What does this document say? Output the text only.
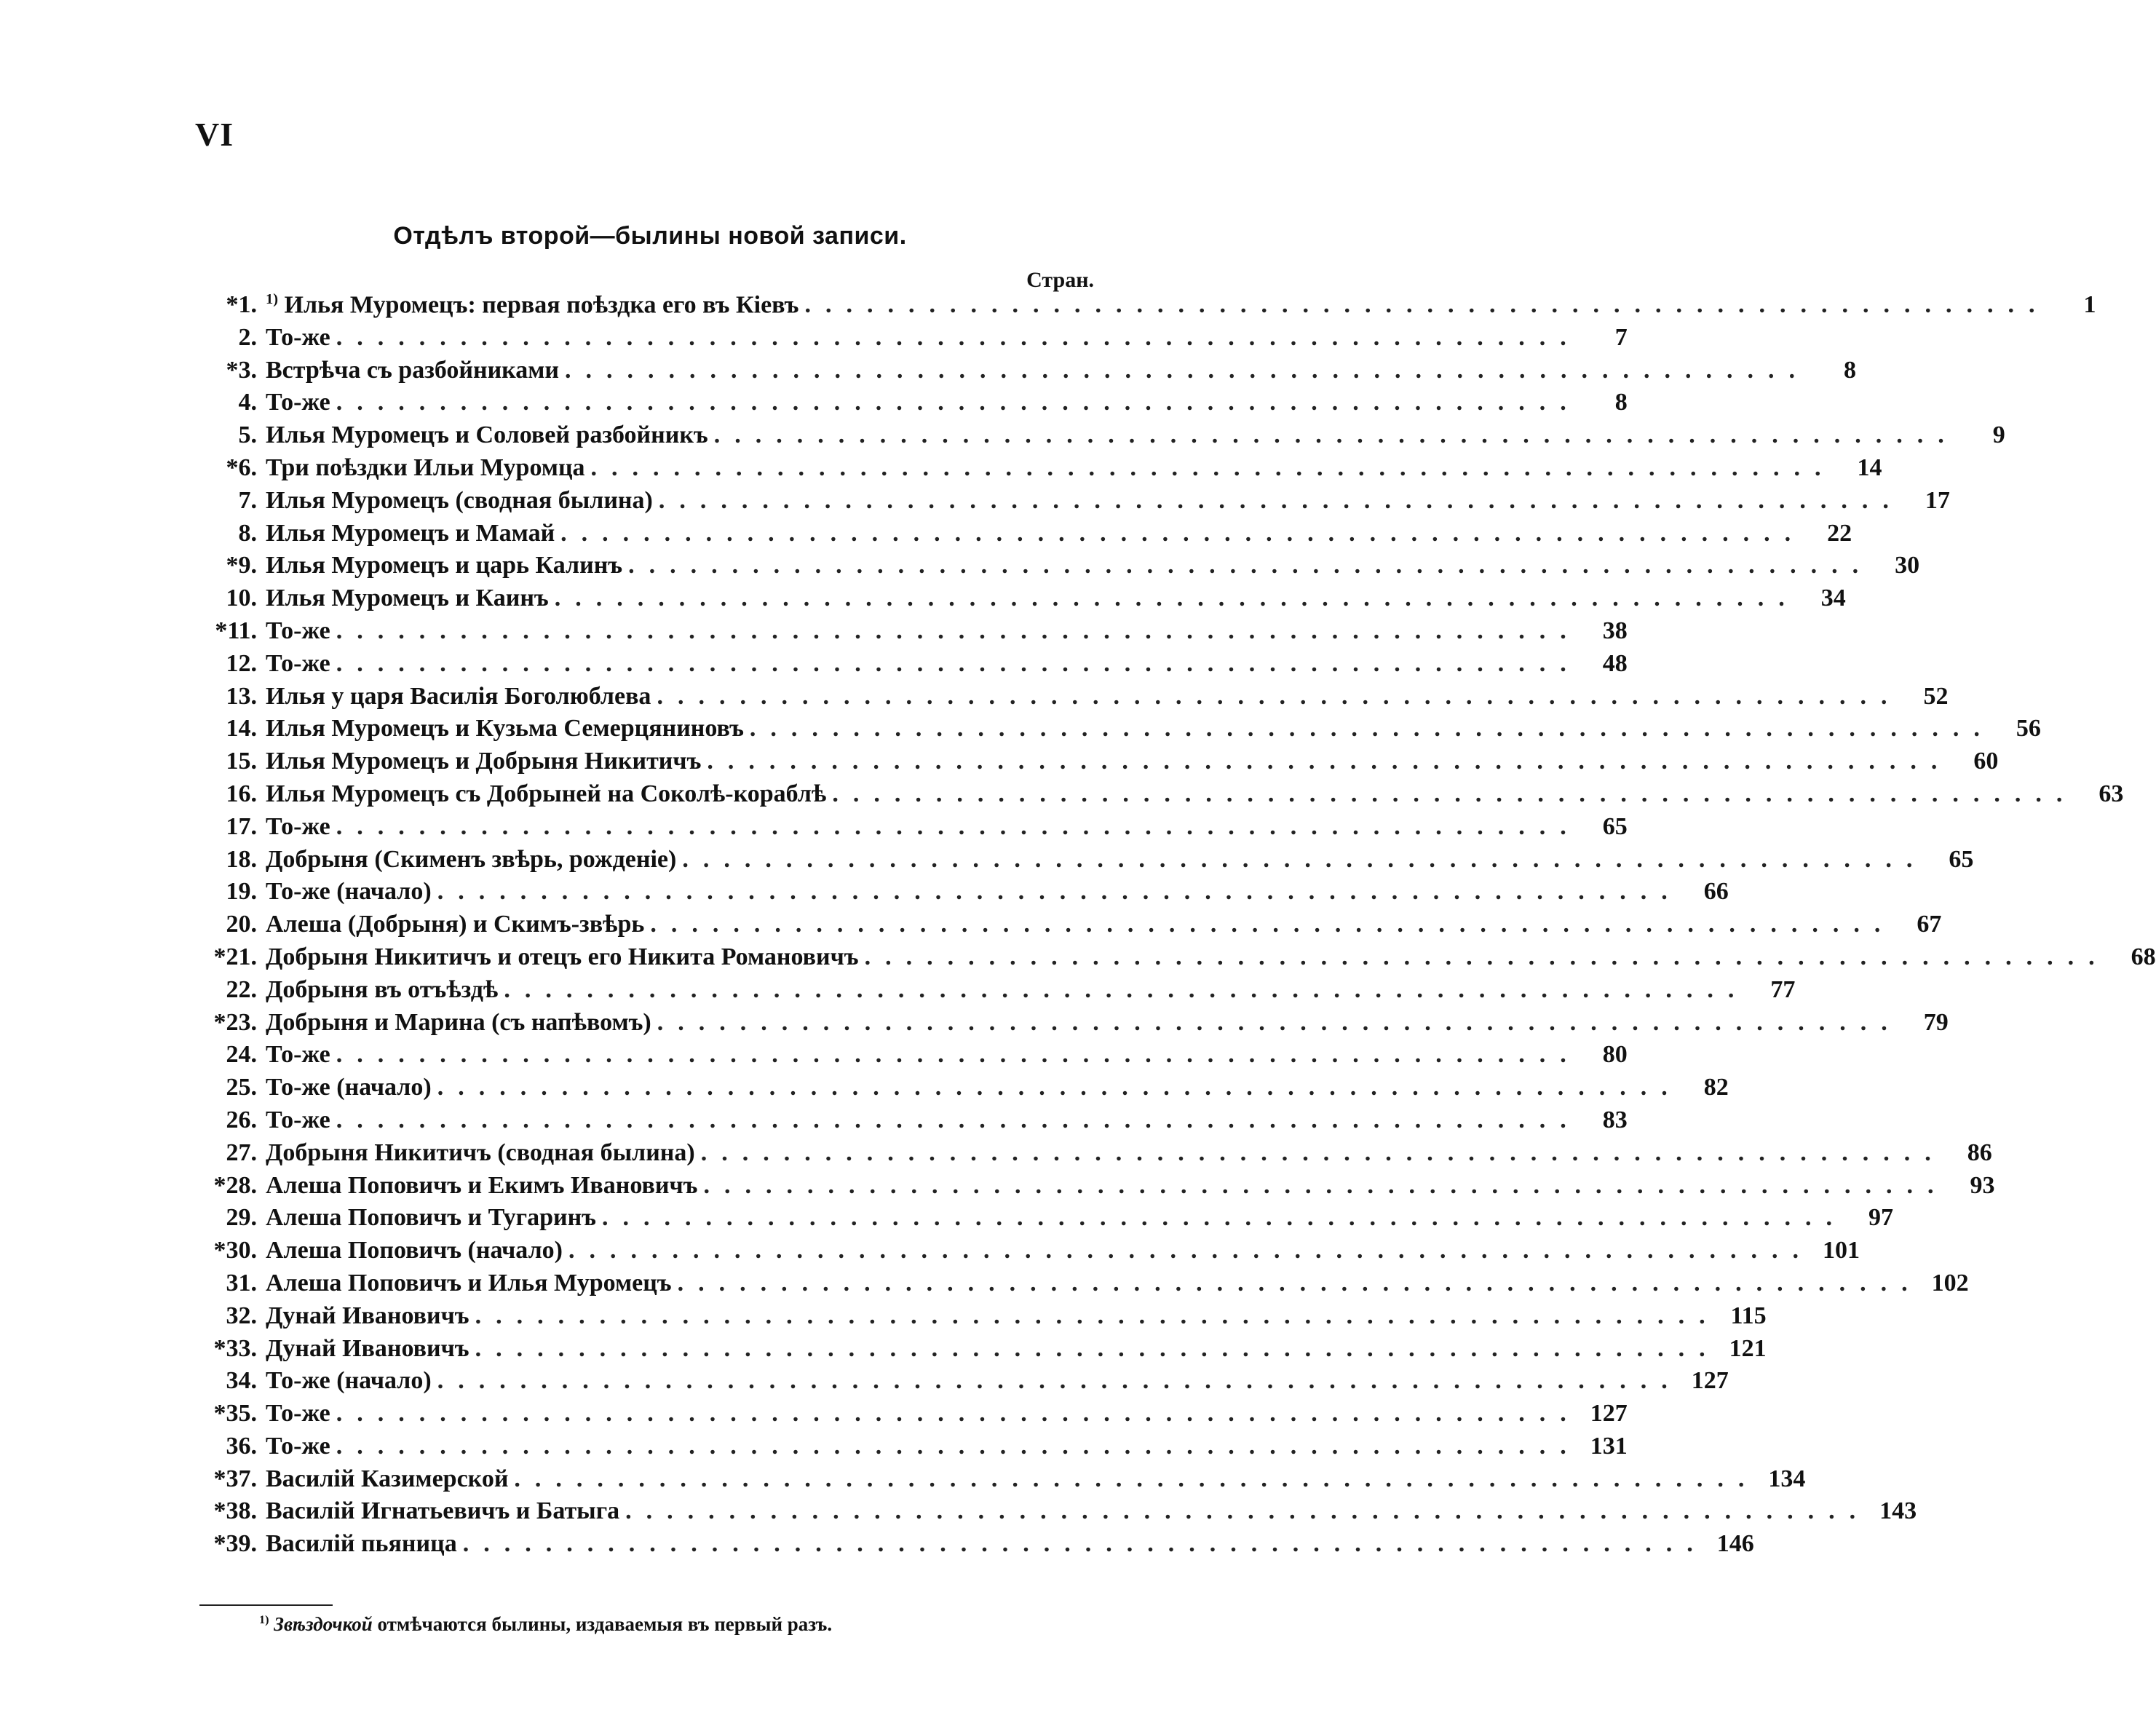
VI
Отдѣлъ второй—былины новой записи.
Стран.
*1. $^{1)}$ Илья Муромецъ: первая поѣздка его въ Кіевъ ............................................................	1
2. То-же ............................................................	7
*3. Встрѣча съ разбойниками ............................................................	8
4. То-же ............................................................	8
5. Илья Муромецъ и Соловей разбойникъ ............................................................	9
*6. Три поѣздки Ильи Муромца ............................................................ 14
7. Илья Муромецъ (сводная былина) ............................................................ 17
8. Илья Муромецъ и Мамай ............................................................ 22
*9. Илья Муромецъ и царь Калинъ ............................................................ 30
10. Илья Муромецъ и Каинъ ............................................................ 34
*11. То-же ............................................................ 38
12. То-же ............................................................ 48
13. Илья у царя Василія Боголюблева ............................................................ 52
14. Илья Муромецъ и Кузьма Семерцяниновъ ............................................................ 56
15. Илья Муромецъ и Добрыня Никитичъ ............................................................ 60
16. Илья Муромецъ съ Добрыней на Соколѣ-кораблѣ ............................................................ 63
17. То-же ............................................................ 65
18. Добрыня (Скименъ звѣрь, рожденіе) ............................................................ 65
19. То-же (начало) ............................................................ 66
20. Алеша (Добрыня) и Скимъ-звѣрь ............................................................ 67
*21. Добрыня Никитичъ и отецъ его Никита Романовичъ ............................................................ 68
22. Добрыня въ отъѣздѣ ............................................................ 77
*23. Добрыня и Марина (съ напѣвомъ) ............................................................ 79
24. То-же ............................................................ 80
25. То-же (начало) ............................................................ 82
26. То-же ............................................................ 83
27. Добрыня Никитичъ (сводная былина) ............................................................ 86
*28. Алеша Поповичъ и Екимъ Ивановичъ ............................................................ 93
29. Алеша Поповичъ и Тугаринъ ............................................................ 97
*30. Алеша Поповичъ (начало) ............................................................ 101
31. Алеша Поповичъ и Илья Муромецъ ............................................................ 102
32. Дунай Ивановичъ ............................................................ 115
*33. Дунай Ивановичъ ............................................................ 121
34. То-же (начало) ............................................................ 127
*35. То-же ............................................................ 127
36. То-же ............................................................ 131
*37. Василій Казимерской ............................................................ 134
*38. Василій Игнатьевичъ и Батыга ............................................................ 143
*39. Василій пьяница ............................................................ 146
$^{1)}$ Звѣздочкой отмѣчаются былины, издаваемыя въ первый разъ.
